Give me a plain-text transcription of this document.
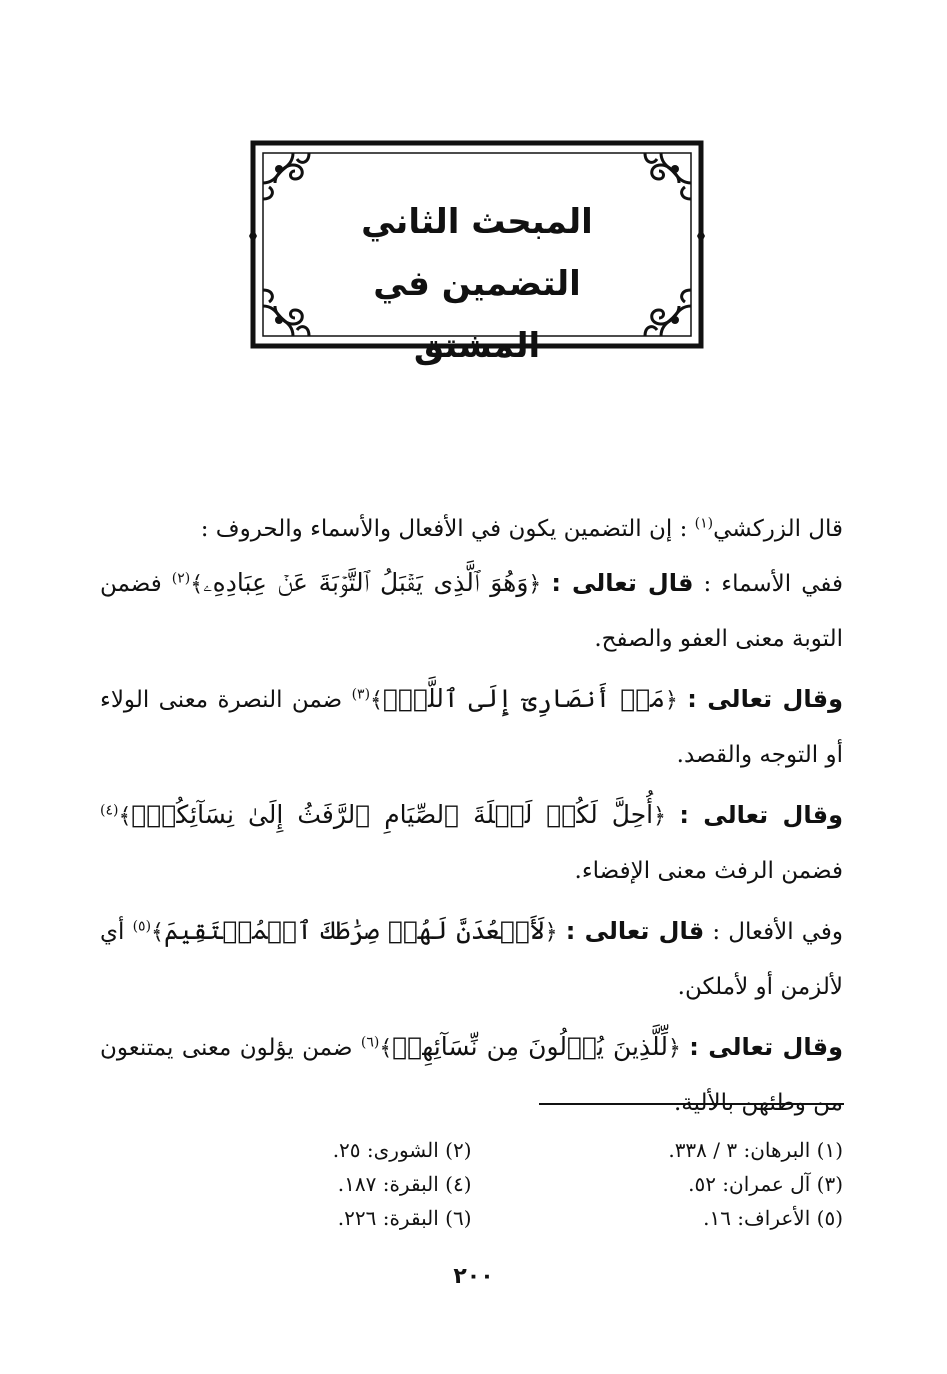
المبحث الثاني
التضمين في المشتق

قال الزركشي$^{(١)}$ : إن التضمين يكون في الأفعال والأسماء والحروف :

ففي الأسماء : قال تعالى : ﴿وَهُوَ ٱلَّذِى يَقۡبَلُ ٱلتَّوۡبَةَ عَنۡ عِبَادِهِۦ﴾$^{(٢)}$ فضمن التوبة معنى العفو والصفح.

وقال تعالى : ﴿مَنۡ أَنصَارِىٓ إِلَى ٱللَّهِۖ﴾$^{(٣)}$ ضمن النصرة معنى الولاء أو التوجه والقصد.

وقال تعالى : ﴿أُحِلَّ لَكُمۡ لَيۡلَةَ ٱلصِّيَامِ ٱلرَّفَثُ إِلَىٰ نِسَآئِكُمۡۚ﴾$^{(٤)}$ فضمن الرفث معنى الإفضاء.

وفي الأفعال : قال تعالى : ﴿لَأَقۡعُدَنَّ لَهُمۡ صِرَٰطَكَ ٱلۡمُسۡتَقِيمَ﴾$^{(٥)}$ أي لألزمن أو لأملكن.

وقال تعالى : ﴿لِّلَّذِينَ يُؤۡلُونَ مِن نِّسَآئِهِمۡ﴾$^{(٦)}$ ضمن يؤلون معنى يمتنعون من وطئهن بالألية.

(١) البرهان: ٣ / ٣٣٨.
(٢) الشورى: ٢٥.
(٣) آل عمران: ٥٢.
(٤) البقرة: ١٨٧.
(٥) الأعراف: ١٦.
(٦) البقرة: ٢٢٦.
٢٠٠
